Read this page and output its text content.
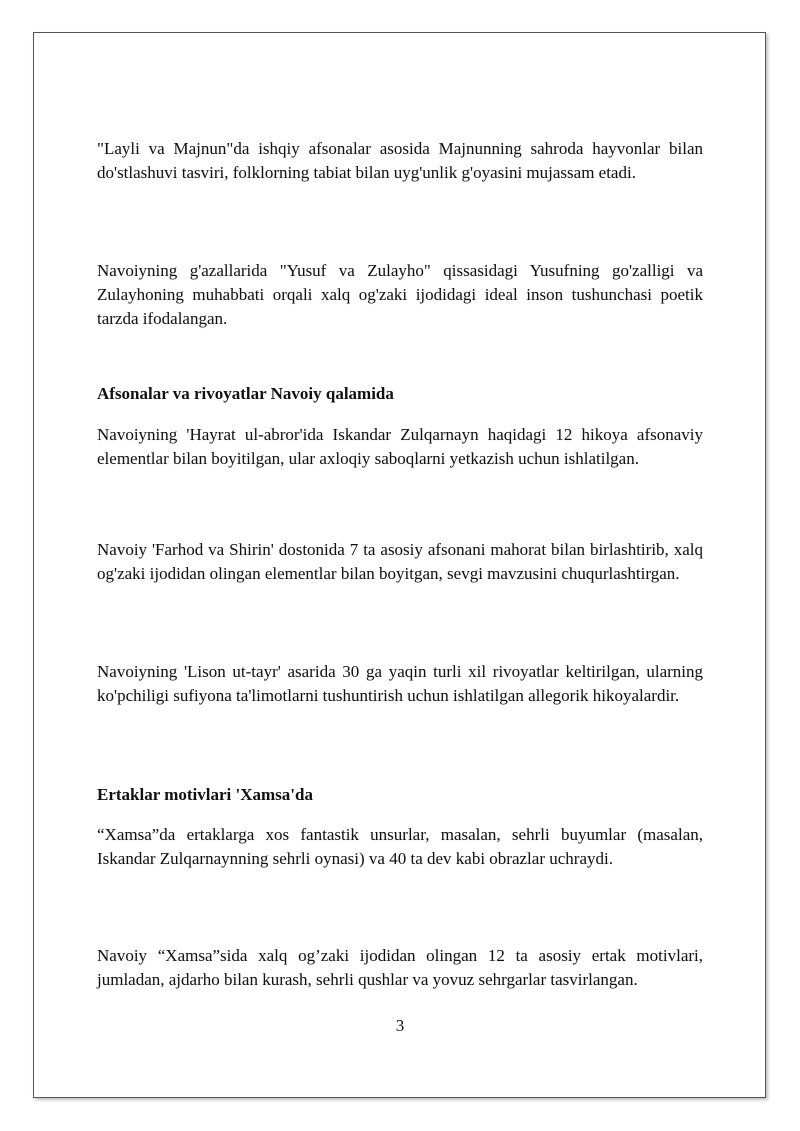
"Layli va Majnun"da ishqiy afsonalar asosida Majnunning sahroda hayvonlar bilan do'stlashuvi tasviri, folklorning tabiat bilan uyg'unlik g'oyasini mujassam etadi.

Navoiyning g'azallarida "Yusuf va Zulayho" qissasidagi Yusufning go'zalligi va Zulayhoning muhabbati orqali xalq og'zaki ijodidagi ideal inson tushunchasi poetik tarzda ifodalangan.

Afsonalar va rivoyatlar Navoiy qalamida

Navoiyning 'Hayrat ul-abror'ida Iskandar Zulqarnayn haqidagi 12 hikoya afsonaviy elementlar bilan boyitilgan, ular axloqiy saboqlarni yetkazish uchun ishlatilgan.

Navoiy 'Farhod va Shirin' dostonida 7 ta asosiy afsonani mahorat bilan birlashtirib, xalq og'zaki ijodidan olingan elementlar bilan boyitgan, sevgi mavzusini chuqurlashtirgan.

Navoiyning 'Lison ut-tayr' asarida 30 ga yaqin turli xil rivoyatlar keltirilgan, ularning ko'pchiligi sufiyona ta'limotlarni tushuntirish uchun ishlatilgan allegorik hikoyalardir.

Ertaklar motivlari 'Xamsa'da

“Xamsa”da ertaklarga xos fantastik unsurlar, masalan, sehrli buyumlar (masalan, Iskandar Zulqarnaynning sehrli oynasi) va 40 ta dev kabi obrazlar uchraydi.

Navoiy “Xamsa”sida xalq og’zaki ijodidan olingan 12 ta asosiy ertak motivlari, jumladan, ajdarho bilan kurash, sehrli qushlar va yovuz sehrgarlar tasvirlangan.

3
